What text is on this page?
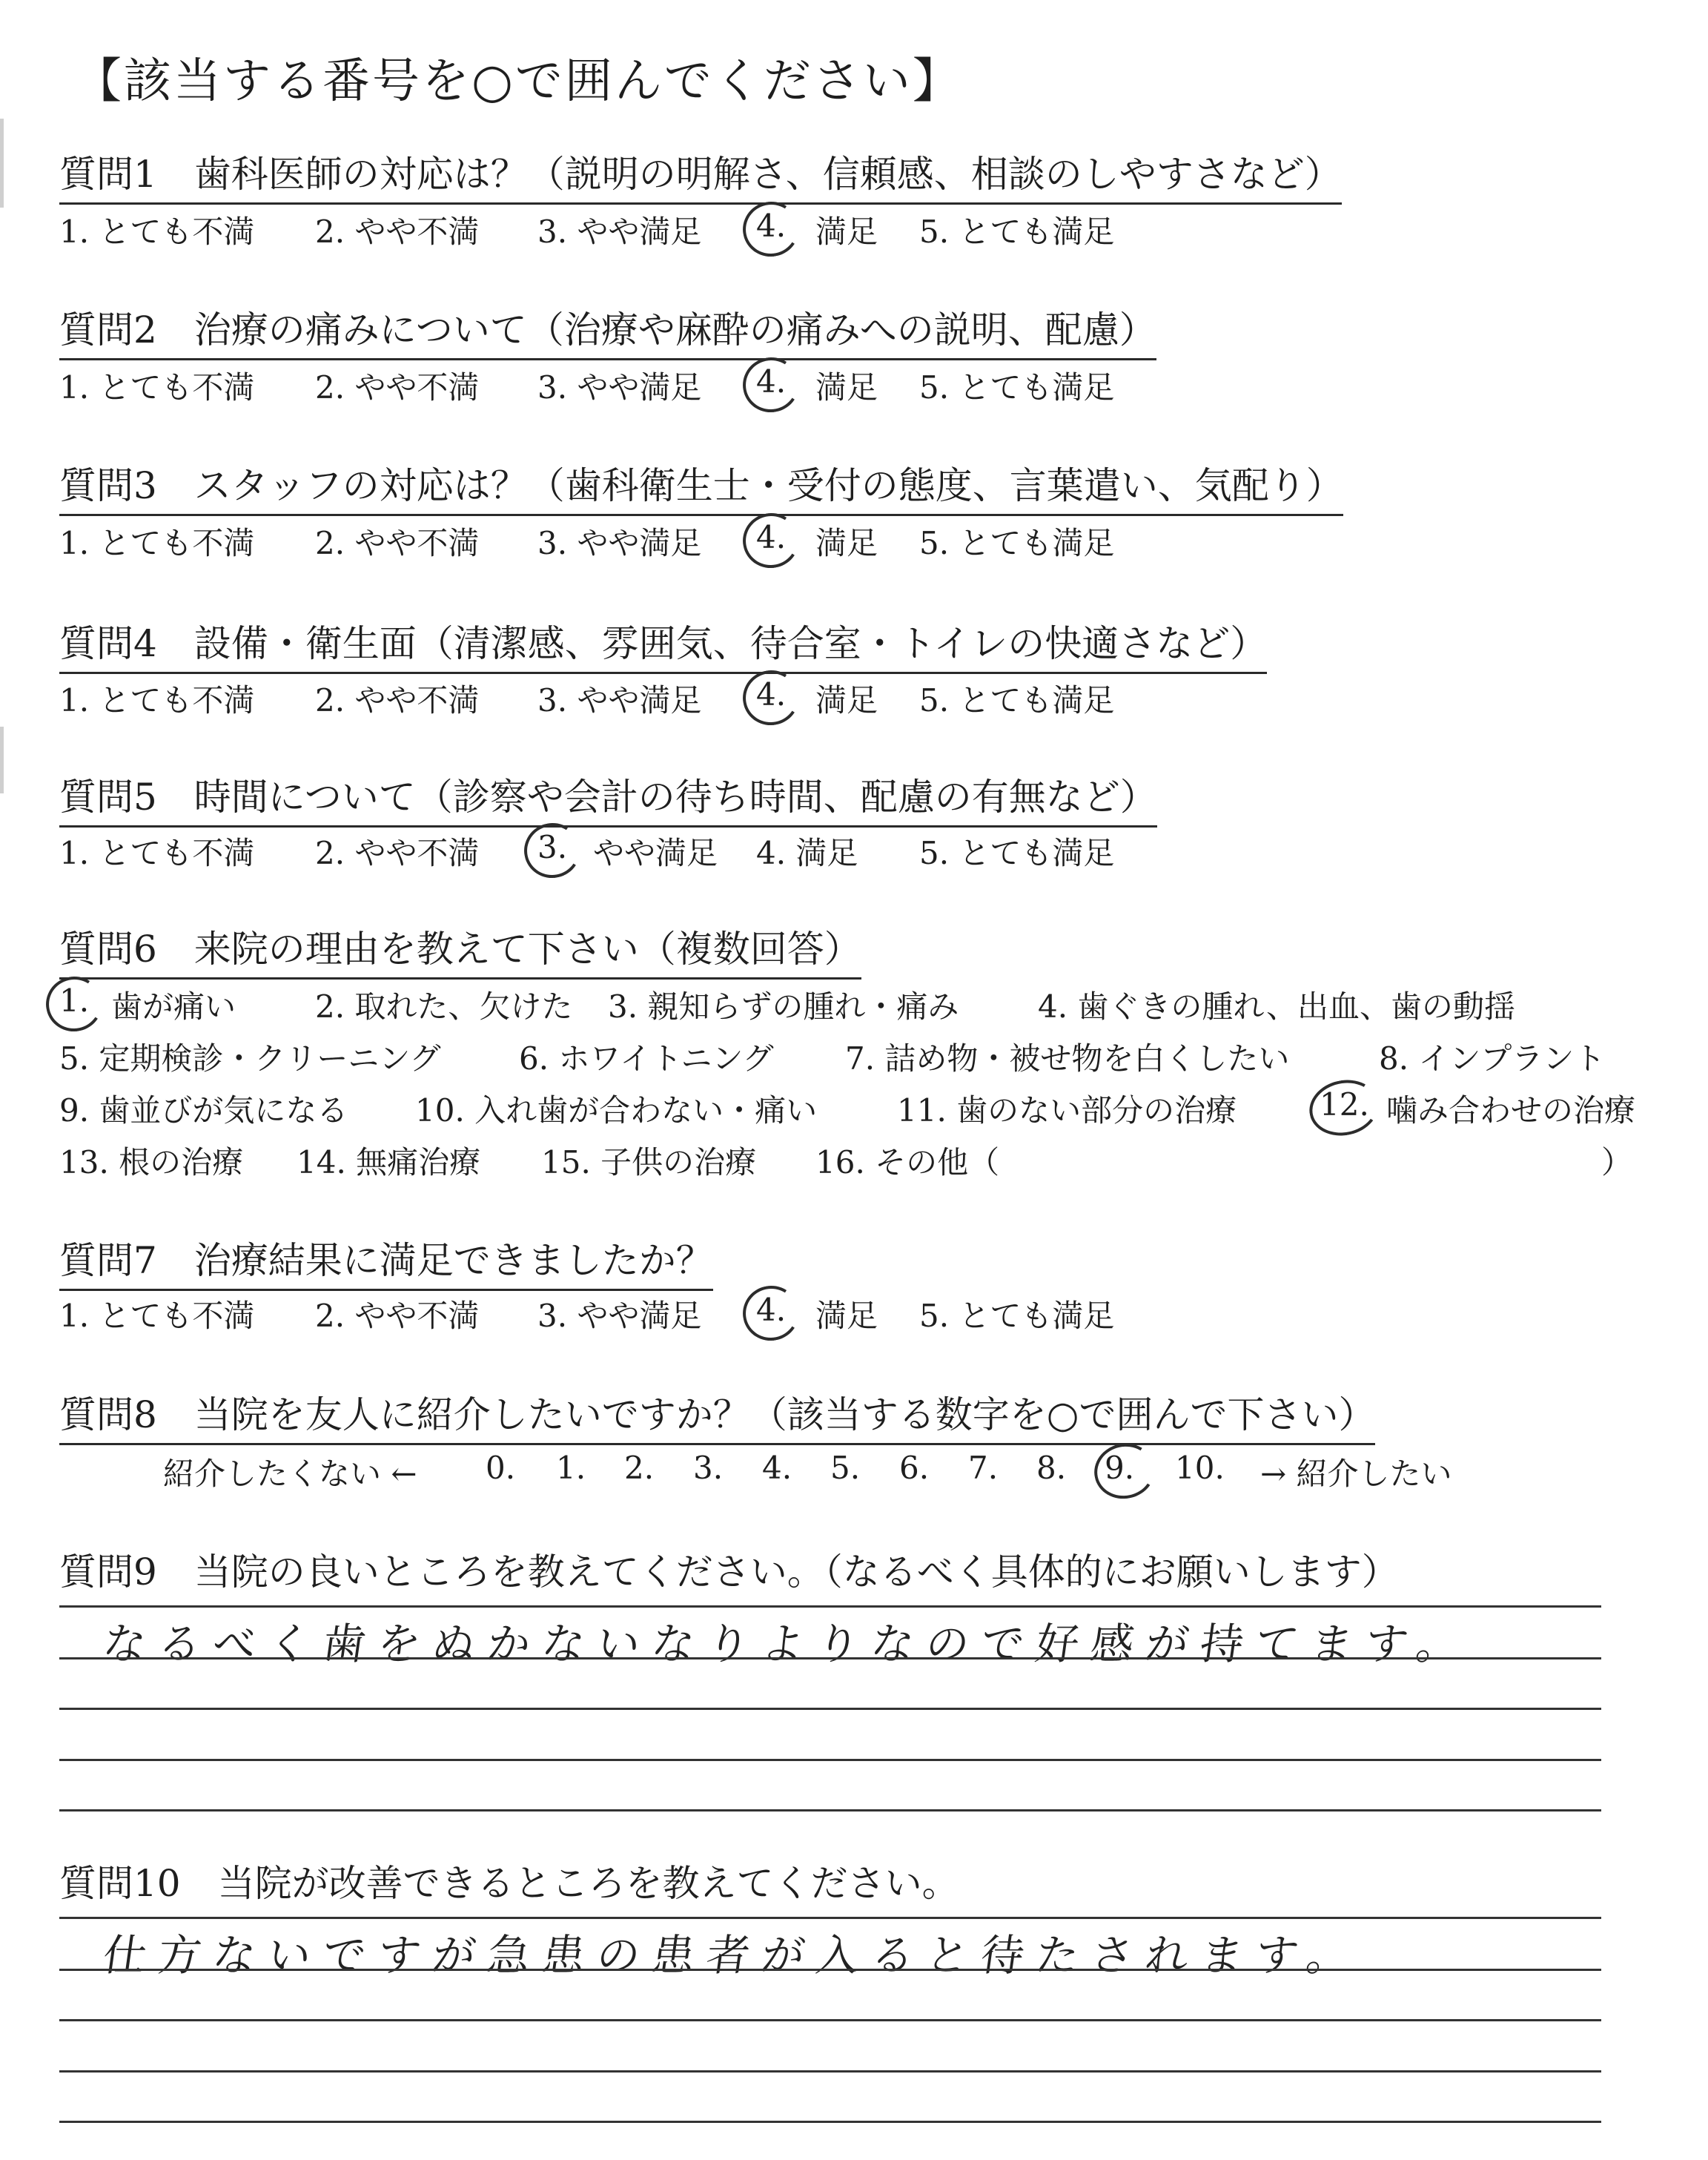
【該当する番号を○で囲んでください】
質問1　歯科医師の対応は？（説明の明解さ、信頼感、相談のしやすさなど）
1. とても不満 2. やや不満 3. やや満足 4. 満足 5. とても満足
質問2　治療の痛みについて（治療や麻酔の痛みへの説明、配慮）
1. とても不満 2. やや不満 3. やや満足 4. 満足 5. とても満足
質問3　スタッフの対応は？（歯科衛生士・受付の態度、言葉遣い、気配り）
1. とても不満 2. やや不満 3. やや満足 4. 満足 5. とても満足
質問4　設備・衛生面（清潔感、雰囲気、待合室・トイレの快適さなど）
1. とても不満 2. やや不満 3. やや満足 4. 満足 5. とても満足
質問5　時間について（診察や会計の待ち時間、配慮の有無など）
1. とても不満 2. やや不満 3. やや満足 4. 満足 5. とても満足
質問6　来院の理由を教えて下さい（複数回答）
1. 歯が痛い	2. 取れた、欠けた 3. 親知らずの腫れ・痛み	4. 歯ぐきの腫れ、出血、歯の動揺
5. 定期検診・クリーニング	6. ホワイトニング 7. 詰め物・被せ物を白くしたい	8. インプラント
9. 歯並びが気になる 10. 入れ歯が合わない・痛い	11. 歯のない部分の治療	12. 噛み合わせの治療
13. 根の治療 14. 無痛治療 15. 子供の治療 16. その他（	）
質問7　治療結果に満足できましたか？
1. とても不満 2. やや不満 3. やや満足 4. 満足 5. とても満足
質問8　当院を友人に紹介したいですか？（該当する数字を○で囲んで下さい）
紹介したくない ← 0. 1. 2. 3. 4. 5. 6. 7. 8. 9. 10. → 紹介したい
質問9　当院の良いところを教えてください。（なるべく具体的にお願いします）
なるべく歯をぬかないなりよりなので好感が持てます。
質問10　当院が改善できるところを教えてください。
仕方ないですが急患の患者が入ると待たされます。
